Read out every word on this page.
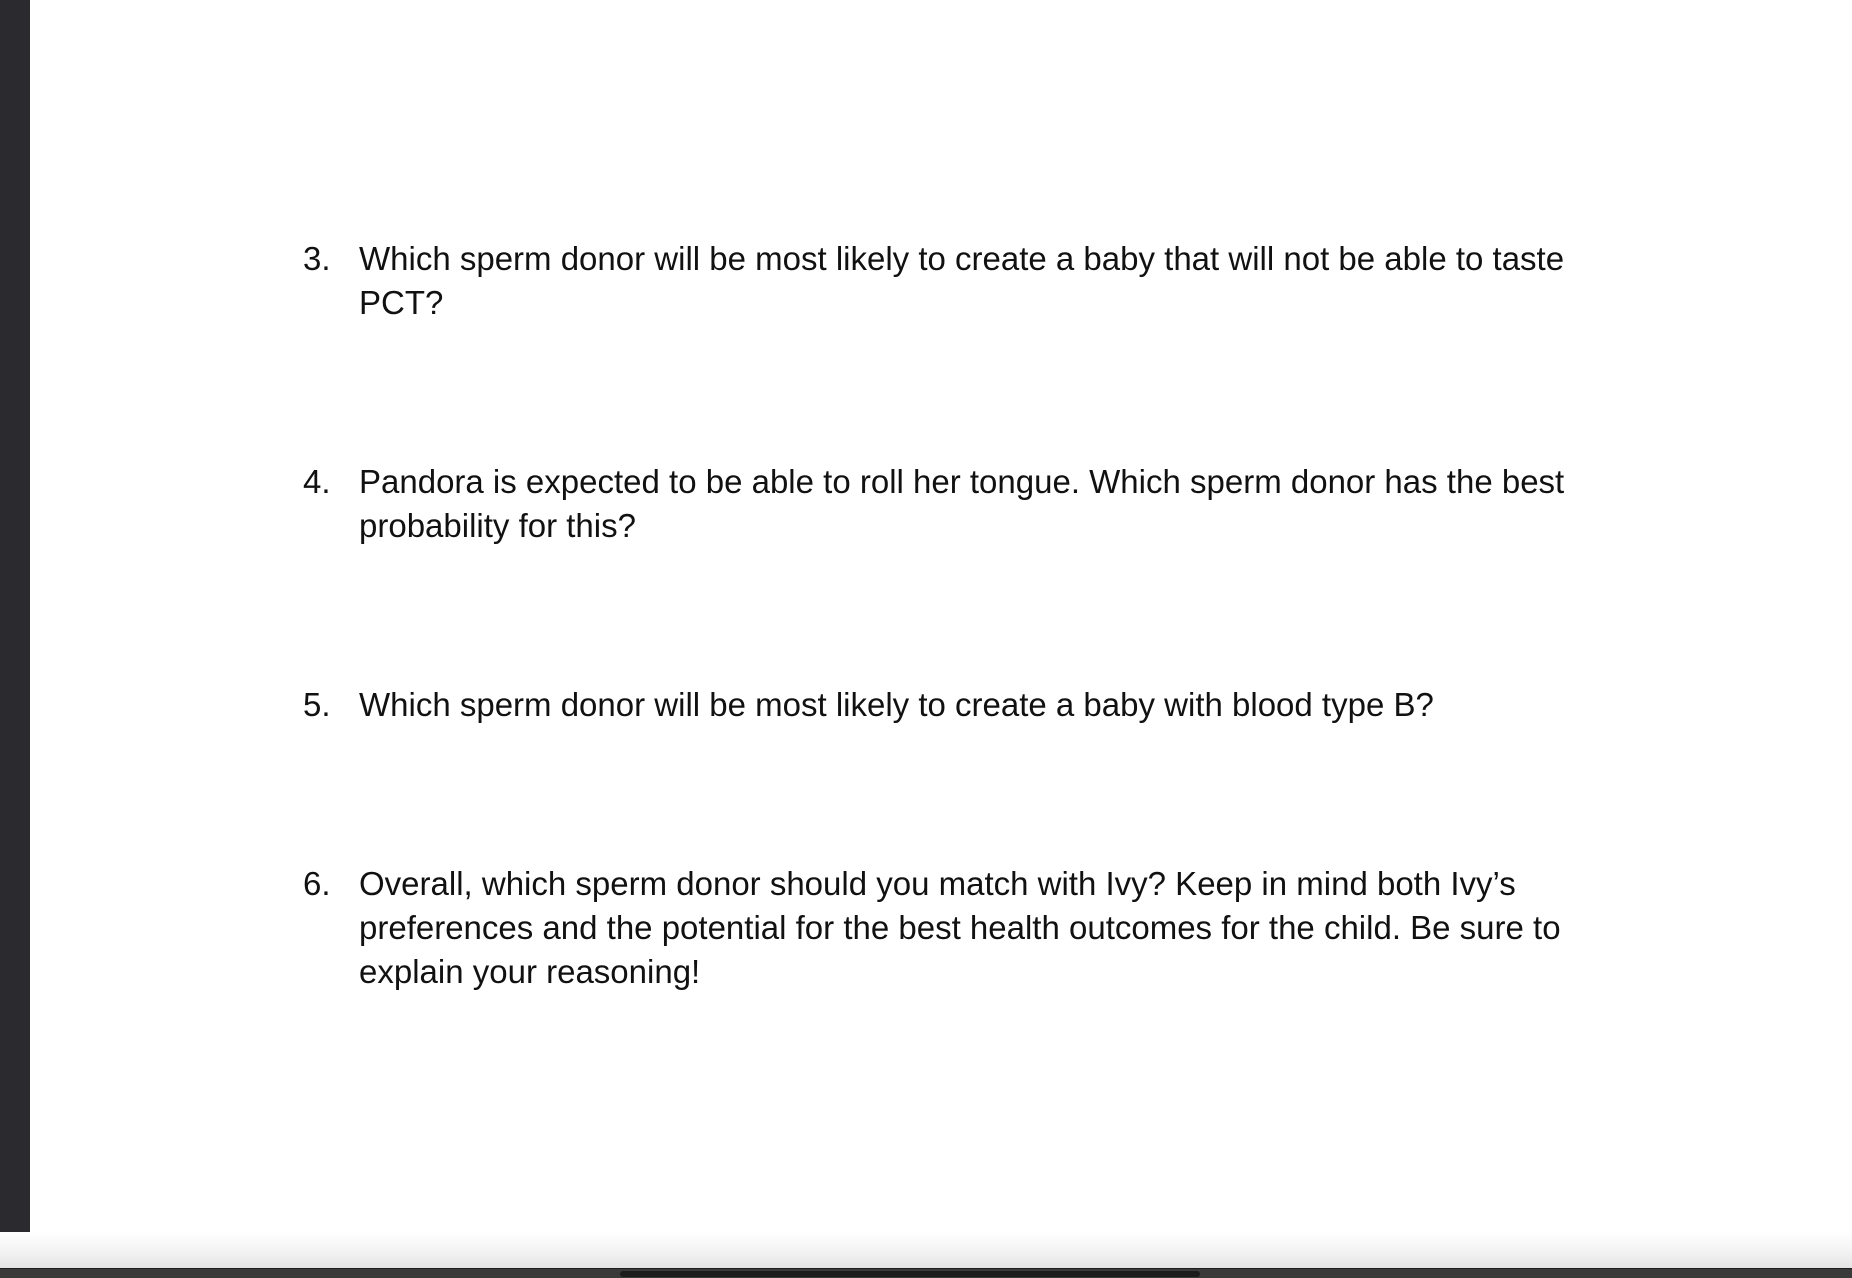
3. Which sperm donor will be most likely to create a baby that will not be able to taste PCT?
4. Pandora is expected to be able to roll her tongue. Which sperm donor has the best probability for this?
5. Which sperm donor will be most likely to create a baby with blood type B?
6. Overall, which sperm donor should you match with Ivy? Keep in mind both Ivy’s preferences and the potential for the best health outcomes for the child. Be sure to explain your reasoning!
